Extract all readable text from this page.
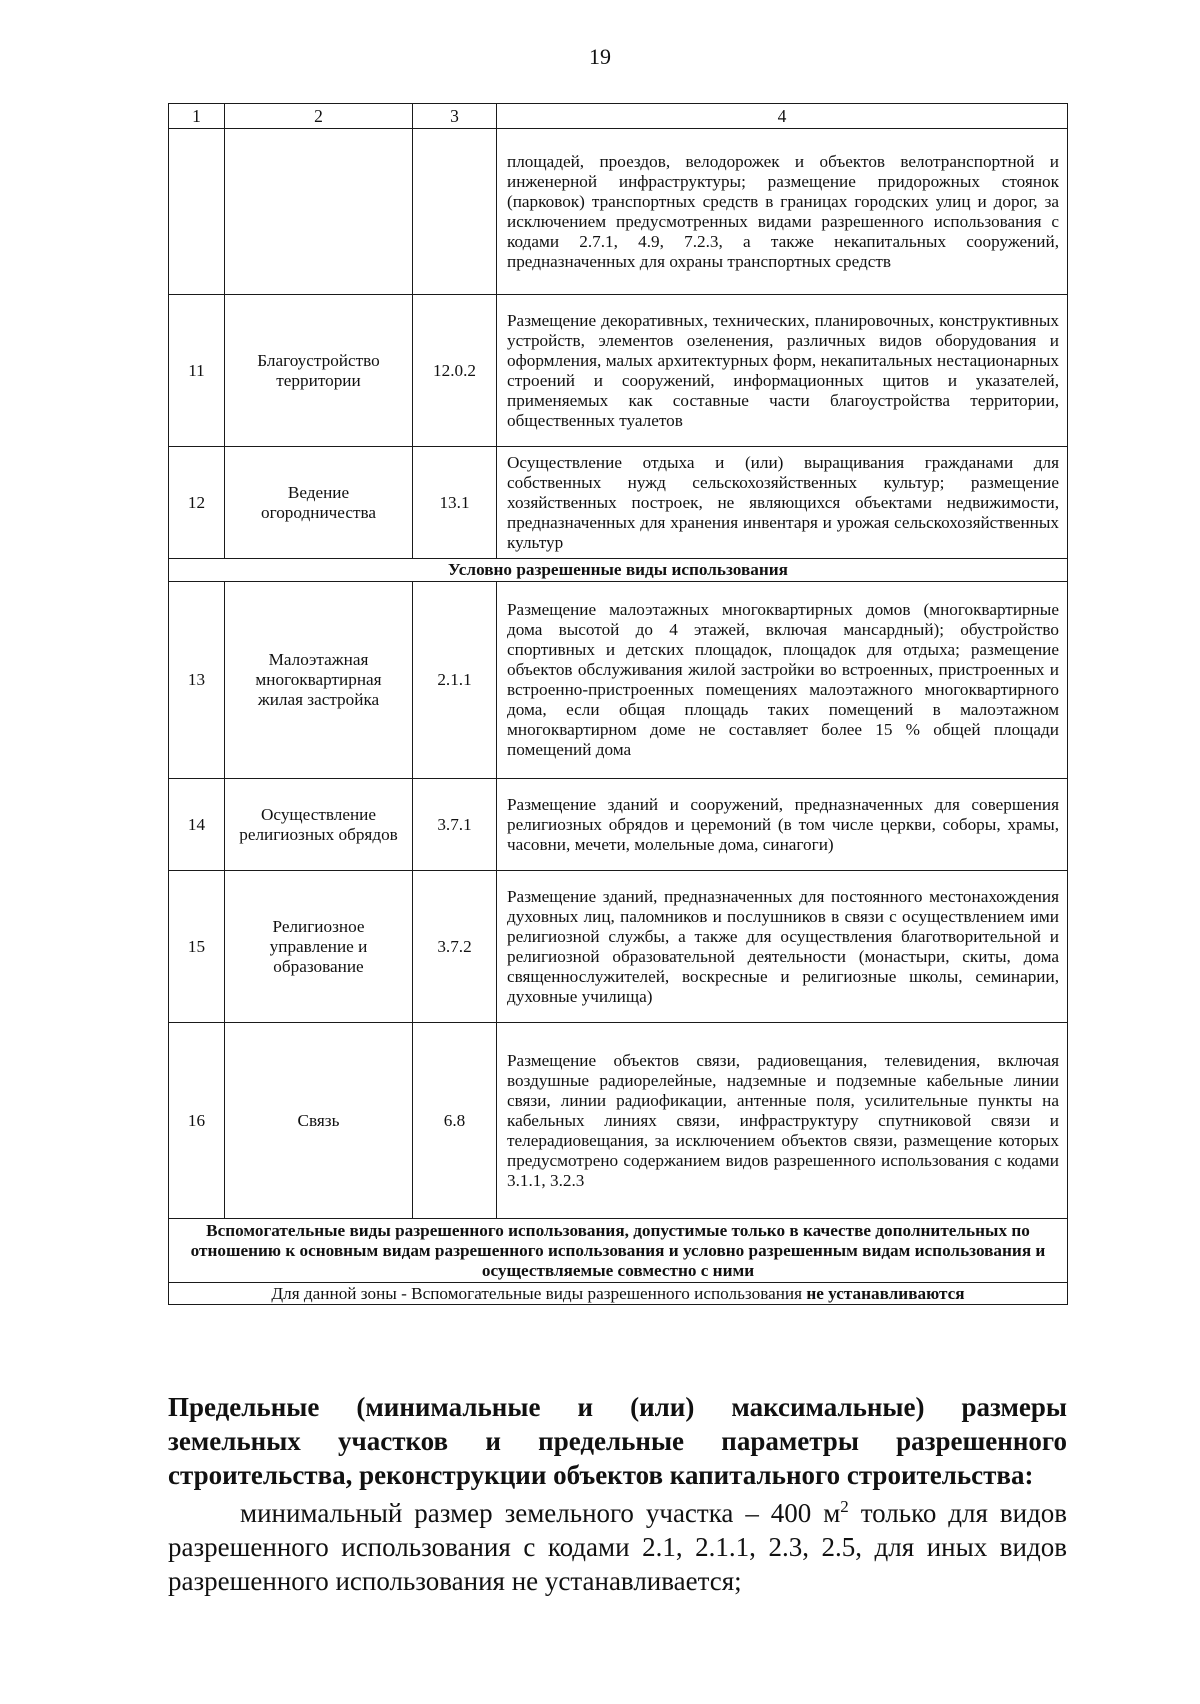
19
1	2	3	4
			площадей, проездов, велодорожек и объектов велотранспортной и инженерной инфраструктуры; размещение придорожных стоянок (парковок) транспортных средств в границах городских улиц и дорог, за исключением предусмотренных видами разрешенного использования с кодами 2.7.1, 4.9, 7.2.3, а также некапитальных сооружений, предназначенных для охраны транспортных средств
11	Благоустройство территории	12.0.2	Размещение декоративных, технических, планировочных, конструктивных устройств, элементов озеленения, различных видов оборудования и оформления, малых архитектурных форм, некапитальных нестационарных строений и сооружений, информационных щитов и указателей, применяемых как составные части благоустройства территории, общественных туалетов
12	Ведение огородничества	13.1	Осуществление отдыха и (или) выращивания гражданами для собственных нужд сельскохозяйственных культур; размещение хозяйственных построек, не являющихся объектами недвижимости, предназначенных для хранения инвентаря и урожая сельскохозяйственных культур
Условно разрешенные виды использования			
13	Малоэтажная многоквартирная жилая застройка	2.1.1	Размещение малоэтажных многоквартирных домов (многоквартирные дома высотой до 4 этажей, включая мансардный); обустройство спортивных и детских площадок, площадок для отдыха; размещение объектов обслуживания жилой застройки во встроенных, пристроенных и встроенно-пристроенных помещениях малоэтажного многоквартирного дома, если общая площадь таких помещений в малоэтажном многоквартирном доме не составляет более 15 % общей площади помещений дома
14	Осуществление религиозных обрядов	3.7.1	Размещение зданий и сооружений, предназначенных для совершения религиозных обрядов и церемоний (в том числе церкви, соборы, храмы, часовни, мечети, молельные дома, синагоги)
15	Религиозное управление и образование	3.7.2	Размещение зданий, предназначенных для постоянного местонахождения духовных лиц, паломников и послушников в связи с осуществлением ими религиозной службы, а также для осуществления благотворительной и религиозной образовательной деятельности (монастыри, скиты, дома священнослужителей, воскресные и религиозные школы, семинарии, духовные училища)
16	Связь	6.8	Размещение объектов связи, радиовещания, телевидения, включая воздушные радиорелейные, надземные и подземные кабельные линии связи, линии радиофикации, антенные поля, усилительные пункты на кабельных линиях связи, инфраструктуру спутниковой связи и телерадиовещания, за исключением объектов связи, размещение которых предусмотрено содержанием видов разрешенного использования с кодами 3.1.1, 3.2.3
Вспомогательные виды разрешенного использования, допустимые только в качестве дополнительных по отношению к основным видам разрешенного использования и условно разрешенным видам использования и осуществляемые совместно с ними			
Для данной зоны - Вспомогательные виды разрешенного использования не устанавливаются			
Предельные (минимальные и (или) максимальные) размеры
земельных участков и предельные параметры разрешенного
строительства, реконструкции объектов капитального строительства:
минимальный размер земельного участка – 400 $м^2$ только для видов разрешенного использования с кодами 2.1, 2.1.1, 2.3, 2.5, для иных видов разрешенного использования не устанавливается;
